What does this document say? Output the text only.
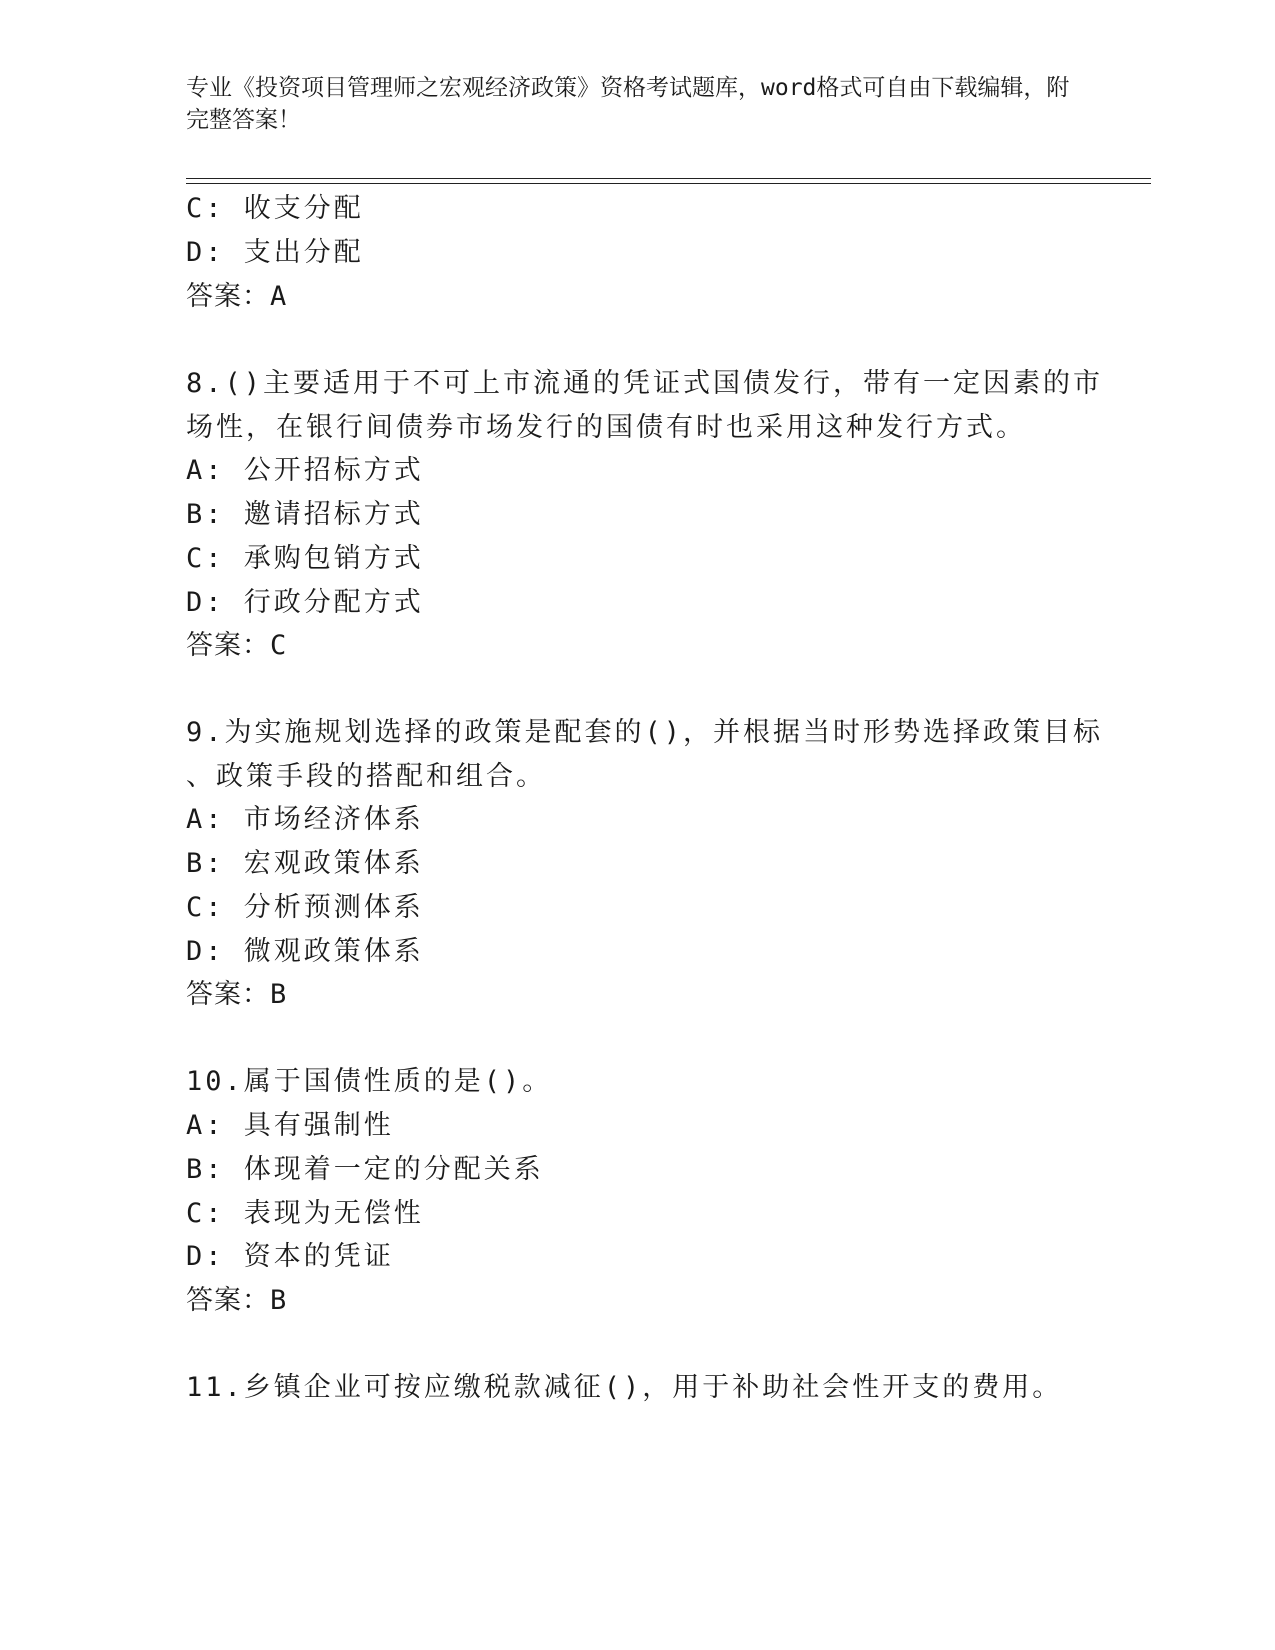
专业《投资项目管理师之宏观经济政策》资格考试题库，word格式可自由下载编辑，附完整答案！
C: 收支分配
D: 支出分配
答案：A
8.()主要适用于不可上市流通的凭证式国债发行，带有一定因素的市
场性，在银行间债券市场发行的国债有时也采用这种发行方式。
A: 公开招标方式
B: 邀请招标方式
C: 承购包销方式
D: 行政分配方式
答案：C
9.为实施规划选择的政策是配套的()，并根据当时形势选择政策目标
、政策手段的搭配和组合。
A: 市场经济体系
B: 宏观政策体系
C: 分析预测体系
D: 微观政策体系
答案：B
10.属于国债性质的是()。
A: 具有强制性
B: 体现着一定的分配关系
C: 表现为无偿性
D: 资本的凭证
答案：B
11.乡镇企业可按应缴税款减征()，用于补助社会性开支的费用。
